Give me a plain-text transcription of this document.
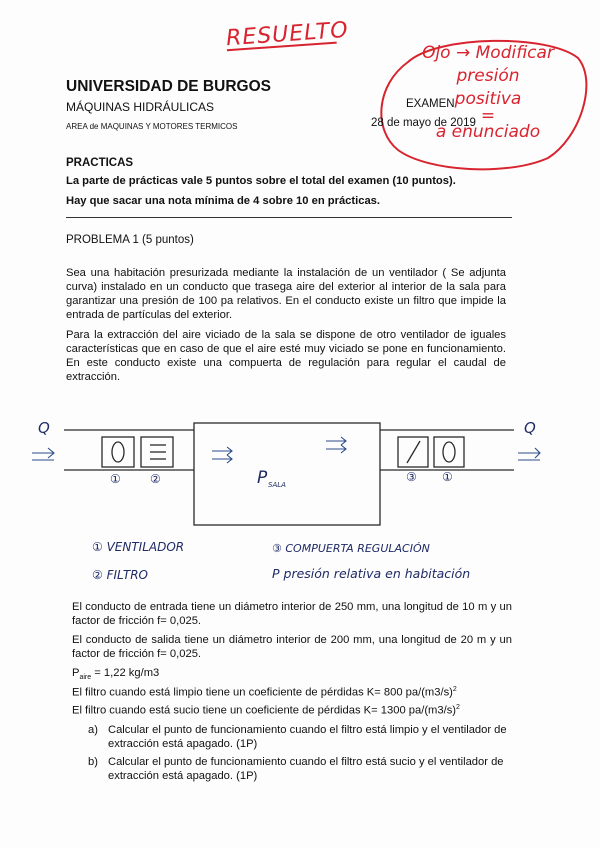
RESUELTO
Ojo → Modificar
presión
positiva
=
a enunciado
UNIVERSIDAD DE BURGOS
MÁQUINAS HIDRÁULICAS	EXAMEN
AREA de MAQUINAS Y MOTORES TERMICOS	28 de mayo de 2019
PRACTICAS
La parte de prácticas vale 5 puntos sobre el total del examen (10 puntos).
Hay que sacar una nota mínima de 4 sobre 10 en prácticas.
PROBLEMA 1 (5 puntos)
Sea una habitación presurizada mediante la instalación de un ventilador ( Se adjunta curva) instalado en un conducto que trasega aire del exterior al interior de la sala para garantizar una presión de 100 pa relativos. En el conducto existe un filtro que impide la entrada de partículas del exterior.
Para la extracción del aire viciado de la sala se dispone de otro ventilador de iguales características que en caso de que el aire esté muy viciado se pone en funcionamiento. En este conducto existe una compuerta de regulación para regular el caudal de extracción.
Q	Q
P SALA
① ②	③ ①
① VENTILADOR
② FILTRO
③ COMPUERTA REGULACIÓN
P presión relativa en habitación
El conducto de entrada tiene un diámetro interior de 250 mm, una longitud de 10 m y un factor de fricción f= 0,025.
El conducto de salida tiene un diámetro interior de 200 mm, una longitud de 20 m y un factor de fricción f= 0,025.
$P_{aire} = 1,22$ kg/m3
El filtro cuando está limpio tiene un coeficiente de pérdidas K= 800 $pa/(m3/s)^2$
El filtro cuando está sucio tiene un coeficiente de pérdidas K= 1300 $pa/(m3/s)^2$
a) Calcular el punto de funcionamiento cuando el filtro está limpio y el ventilador de extracción está apagado. (1P)
b) Calcular el punto de funcionamiento cuando el filtro está sucio y el ventilador de extracción está apagado. (1P)
